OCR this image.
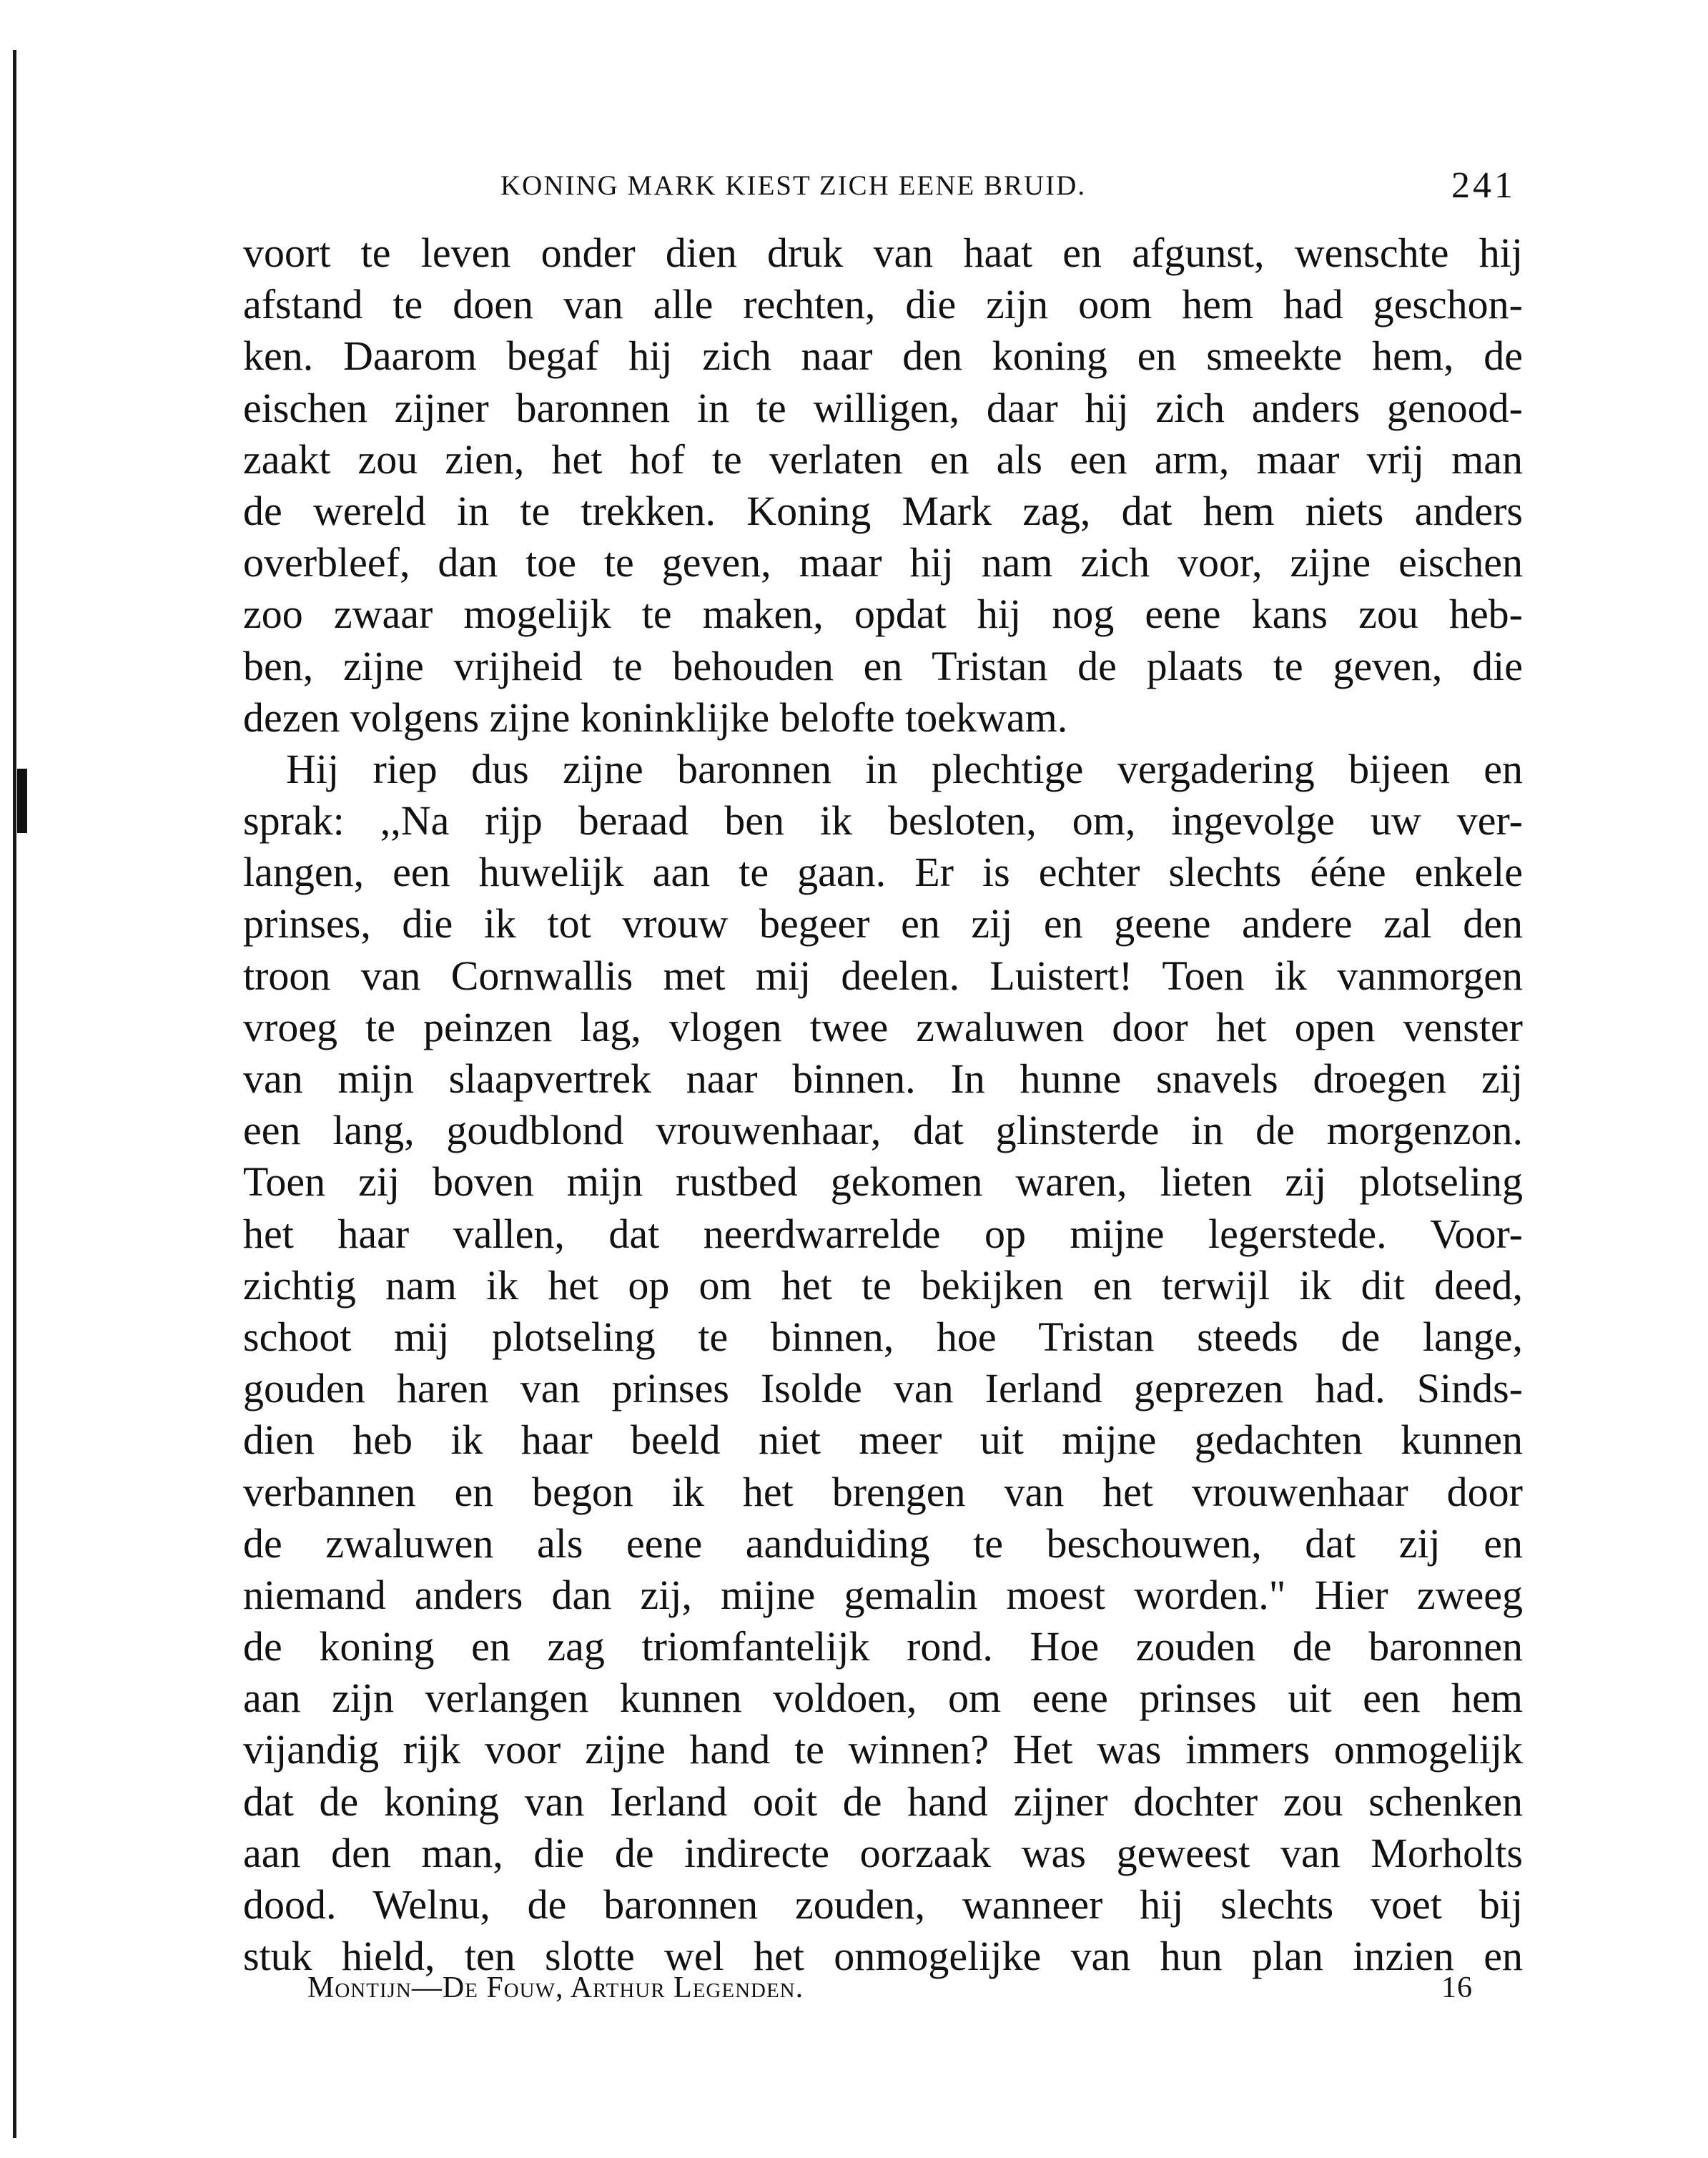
KONING MARK KIEST ZICH EENE BRUID.	241
voort te leven onder dien druk van haat en afgunst, wenschte hij
afstand te doen van alle rechten, die zijn oom hem had geschon-
ken. Daarom begaf hij zich naar den koning en smeekte hem, de
eischen zijner baronnen in te willigen, daar hij zich anders genood-
zaakt zou zien, het hof te verlaten en als een arm, maar vrij man
de wereld in te trekken. Koning Mark zag, dat hem niets anders
overbleef, dan toe te geven, maar hij nam zich voor, zijne eischen
zoo zwaar mogelijk te maken, opdat hij nog eene kans zou heb-
ben, zijne vrijheid te behouden en Tristan de plaats te geven, die
dezen volgens zijne koninklijke belofte toekwam.
Hij riep dus zijne baronnen in plechtige vergadering bijeen en
sprak: ,,Na rijp beraad ben ik besloten, om, ingevolge uw ver-
langen, een huwelijk aan te gaan. Er is echter slechts ééne enkele
prinses, die ik tot vrouw begeer en zij en geene andere zal den
troon van Cornwallis met mij deelen. Luistert! Toen ik vanmorgen
vroeg te peinzen lag, vlogen twee zwaluwen door het open venster
van mijn slaapvertrek naar binnen. In hunne snavels droegen zij
een lang, goudblond vrouwenhaar, dat glinsterde in de morgenzon.
Toen zij boven mijn rustbed gekomen waren, lieten zij plotseling
het haar vallen, dat neerdwarrelde op mijne legerstede. Voor-
zichtig nam ik het op om het te bekijken en terwijl ik dit deed,
schoot mij plotseling te binnen, hoe Tristan steeds de lange,
gouden haren van prinses Isolde van Ierland geprezen had. Sinds-
dien heb ik haar beeld niet meer uit mijne gedachten kunnen
verbannen en begon ik het brengen van het vrouwenhaar door
de zwaluwen als eene aanduiding te beschouwen, dat zij en
niemand anders dan zij, mijne gemalin moest worden." Hier zweeg
de koning en zag triomfantelijk rond. Hoe zouden de baronnen
aan zijn verlangen kunnen voldoen, om eene prinses uit een hem
vijandig rijk voor zijne hand te winnen? Het was immers onmogelijk
dat de koning van Ierland ooit de hand zijner dochter zou schenken
aan den man, die de indirecte oorzaak was geweest van Morholts
dood. Welnu, de baronnen zouden, wanneer hij slechts voet bij
stuk hield, ten slotte wel het onmogelijke van hun plan inzien en
Montijn—De Fouw, Arthur Legenden.	16
